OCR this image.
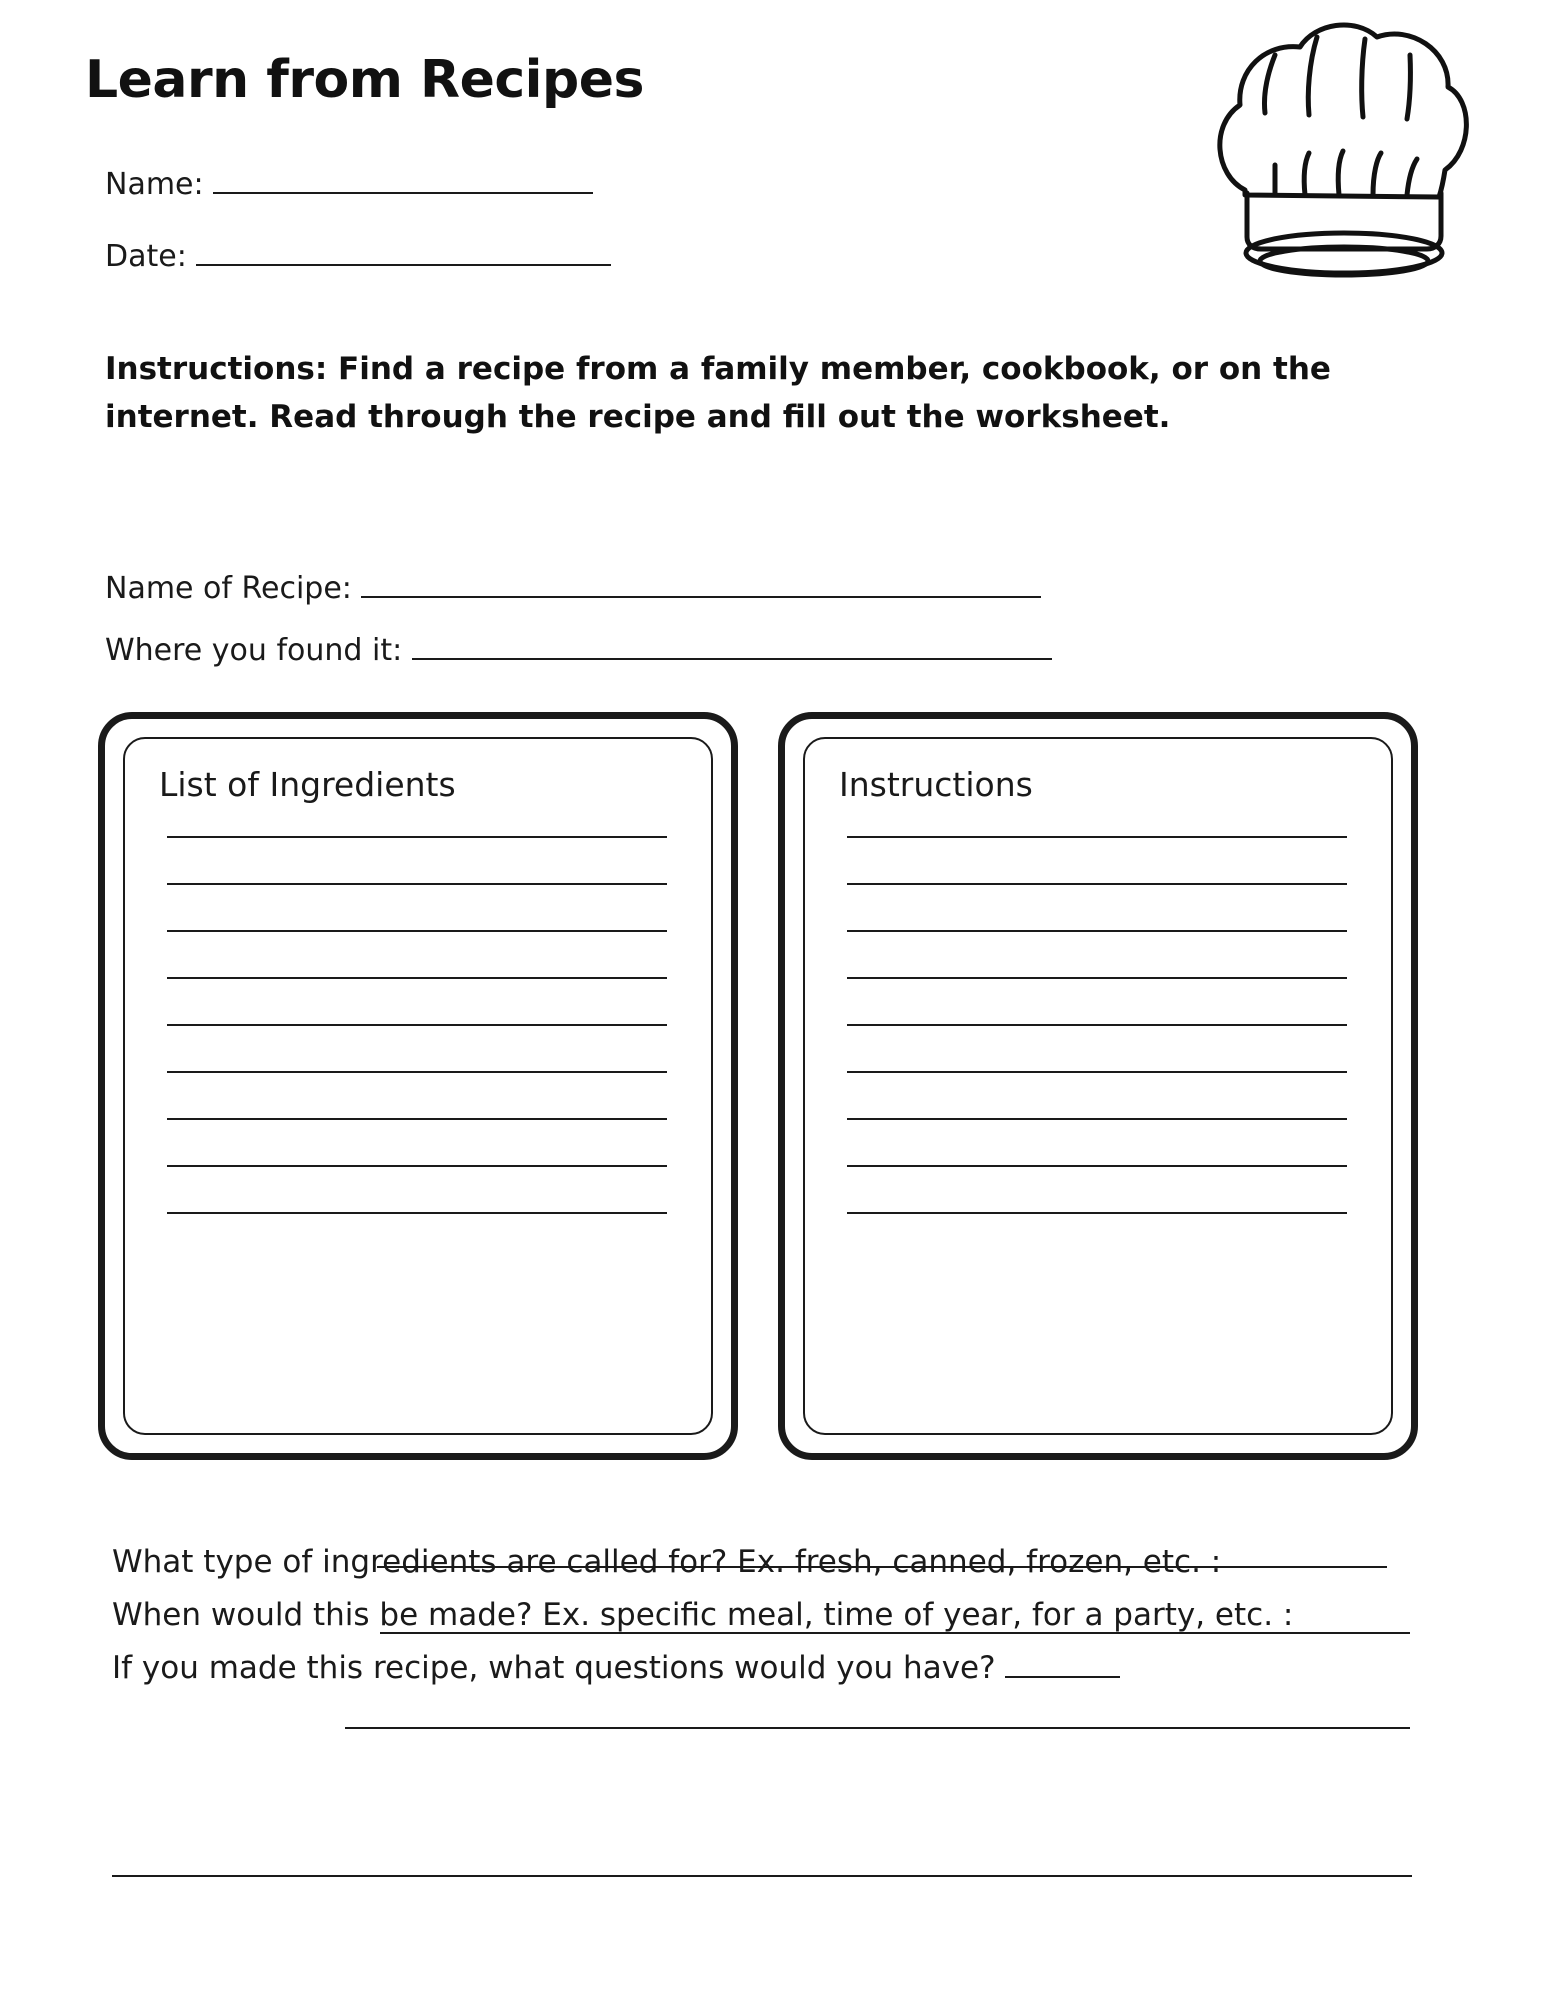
Learn from Recipes
Name:
Date:
Instructions: Find a recipe from a family member, cookbook, or on the internet. Read through the recipe and fill out the worksheet.
Name of Recipe:
Where you found it:
List of Ingredients	Instructions
What type of ingredients are called for? Ex. fresh, canned, frozen, etc. :
When would this be made? Ex. specific meal, time of year, for a party, etc. :
If you made this recipe, what questions would you have?
